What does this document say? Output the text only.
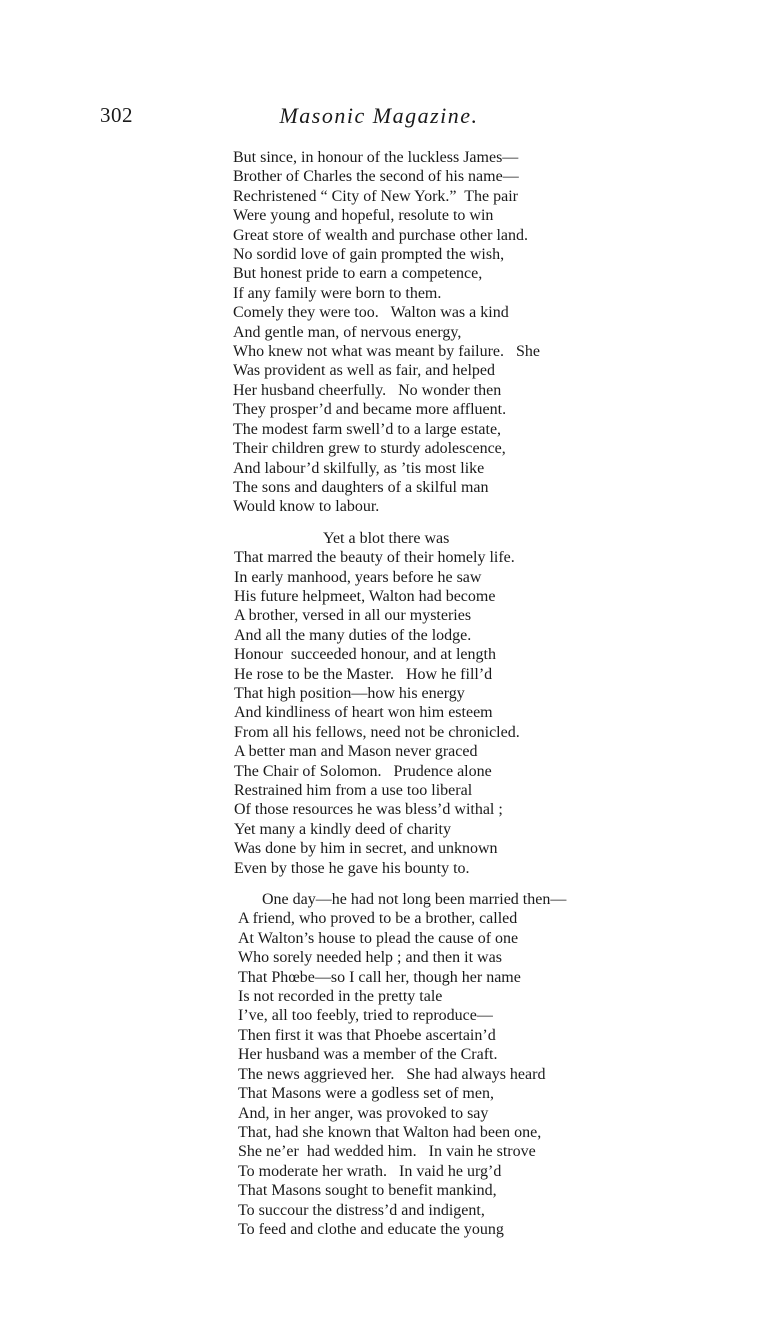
302	Masonic Magazine.
But since, in honour of the luckless James—
Brother of Charles the second of his name—
Rechristened “ City of New York.”  The pair
Were young and hopeful, resolute to win
Great store of wealth and purchase other land.
No sordid love of gain prompted the wish,
But honest pride to earn a competence,
If any family were born to them.
Comely they were too.   Walton was a kind
And gentle man, of nervous energy,
Who knew not what was meant by failure.   She
Was provident as well as fair, and helped
Her husband cheerfully.   No wonder then
They prosper’d and became more affluent.
The modest farm swell’d to a large estate,
Their children grew to sturdy adolescence,
And labour’d skilfully, as ’tis most like
The sons and daughters of a skilful man
Would know to labour.
Yet a blot there was
That marred the beauty of their homely life.
In early manhood, years before he saw
His future helpmeet, Walton had become
A brother, versed in all our mysteries
And all the many duties of the lodge.
Honour  succeeded honour, and at length
He rose to be the Master.   How he fill’d
That high position—how his energy
And kindliness of heart won him esteem
From all his fellows, need not be chronicled.
A better man and Mason never graced
The Chair of Solomon.   Prudence alone
Restrained him from a use too liberal
Of those resources he was bless’d withal ;
Yet many a kindly deed of charity
Was done by him in secret, and unknown
Even by those he gave his bounty to.
One day—he had not long been married then—
A friend, who proved to be a brother, called
At Walton’s house to plead the cause of one
Who sorely needed help ; and then it was
That Phœbe—so I call her, though her name
Is not recorded in the pretty tale
I’ve, all too feebly, tried to reproduce—
Then first it was that Phoebe ascertain’d
Her husband was a member of the Craft.
The news aggrieved her.   She had always heard
That Masons were a godless set of men,
And, in her anger, was provoked to say
That, had she known that Walton had been one,
She ne’er  had wedded him.   In vain he strove
To moderate her wrath.   In vaid he urg’d
That Masons sought to benefit mankind,
To succour the distress’d and indigent,
To feed and clothe and educate the young
